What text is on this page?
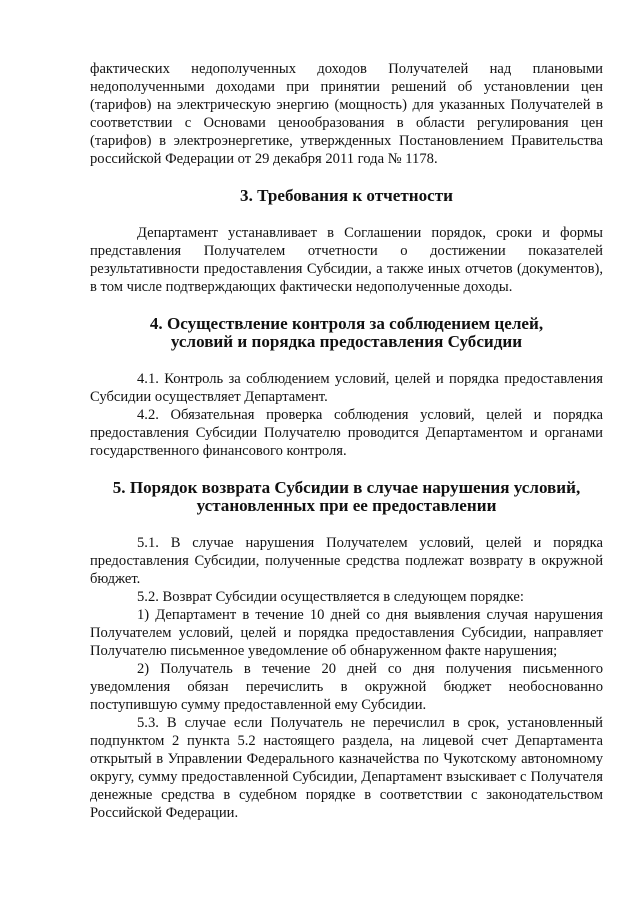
фактических недополученных доходов Получателей над плановыми недополученными доходами при принятии решений об установлении цен (тарифов) на электрическую энергию (мощность) для указанных Получателей в соответствии с Основами ценообразования в области регулирования цен (тарифов) в электроэнергетике, утвержденных Постановлением Правительства российской Федерации от 29 декабря 2011 года № 1178.

3. Требования к отчетности

Департамент устанавливает в Соглашении порядок, сроки и формы представления Получателем отчетности о достижении показателей результативности предоставления Субсидии, а также иных отчетов (документов), в том числе подтверждающих фактически недополученные доходы.

4. Осуществление контроля за соблюдением целей,
условий и порядка предоставления Субсидии

4.1. Контроль за соблюдением условий, целей и порядка предоставления Субсидии осуществляет Департамент.

4.2. Обязательная проверка соблюдения условий, целей и порядка предоставления Субсидии Получателю проводится Департаментом и органами государственного финансового контроля.

5. Порядок возврата Субсидии в случае нарушения условий,
установленных при ее предоставлении

5.1. В случае нарушения Получателем условий, целей и порядка предоставления Субсидии, полученные средства подлежат возврату в окружной бюджет.

5.2. Возврат Субсидии осуществляется в следующем порядке:

1) Департамент в течение 10 дней со дня выявления случая нарушения Получателем условий, целей и порядка предоставления Субсидии, направляет Получателю письменное уведомление об обнаруженном факте нарушения;

2) Получатель в течение 20 дней со дня получения письменного уведомления обязан перечислить в окружной бюджет необоснованно поступившую сумму предоставленной ему Субсидии.

5.3. В случае если Получатель не перечислил в срок, установленный подпунктом 2 пункта 5.2 настоящего раздела, на лицевой счет Департамента открытый в Управлении Федерального казначейства по Чукотскому автономному округу, сумму предоставленной Субсидии, Департамент взыскивает с Получателя денежные средства в судебном порядке в соответствии с законодательством Российской Федерации.
